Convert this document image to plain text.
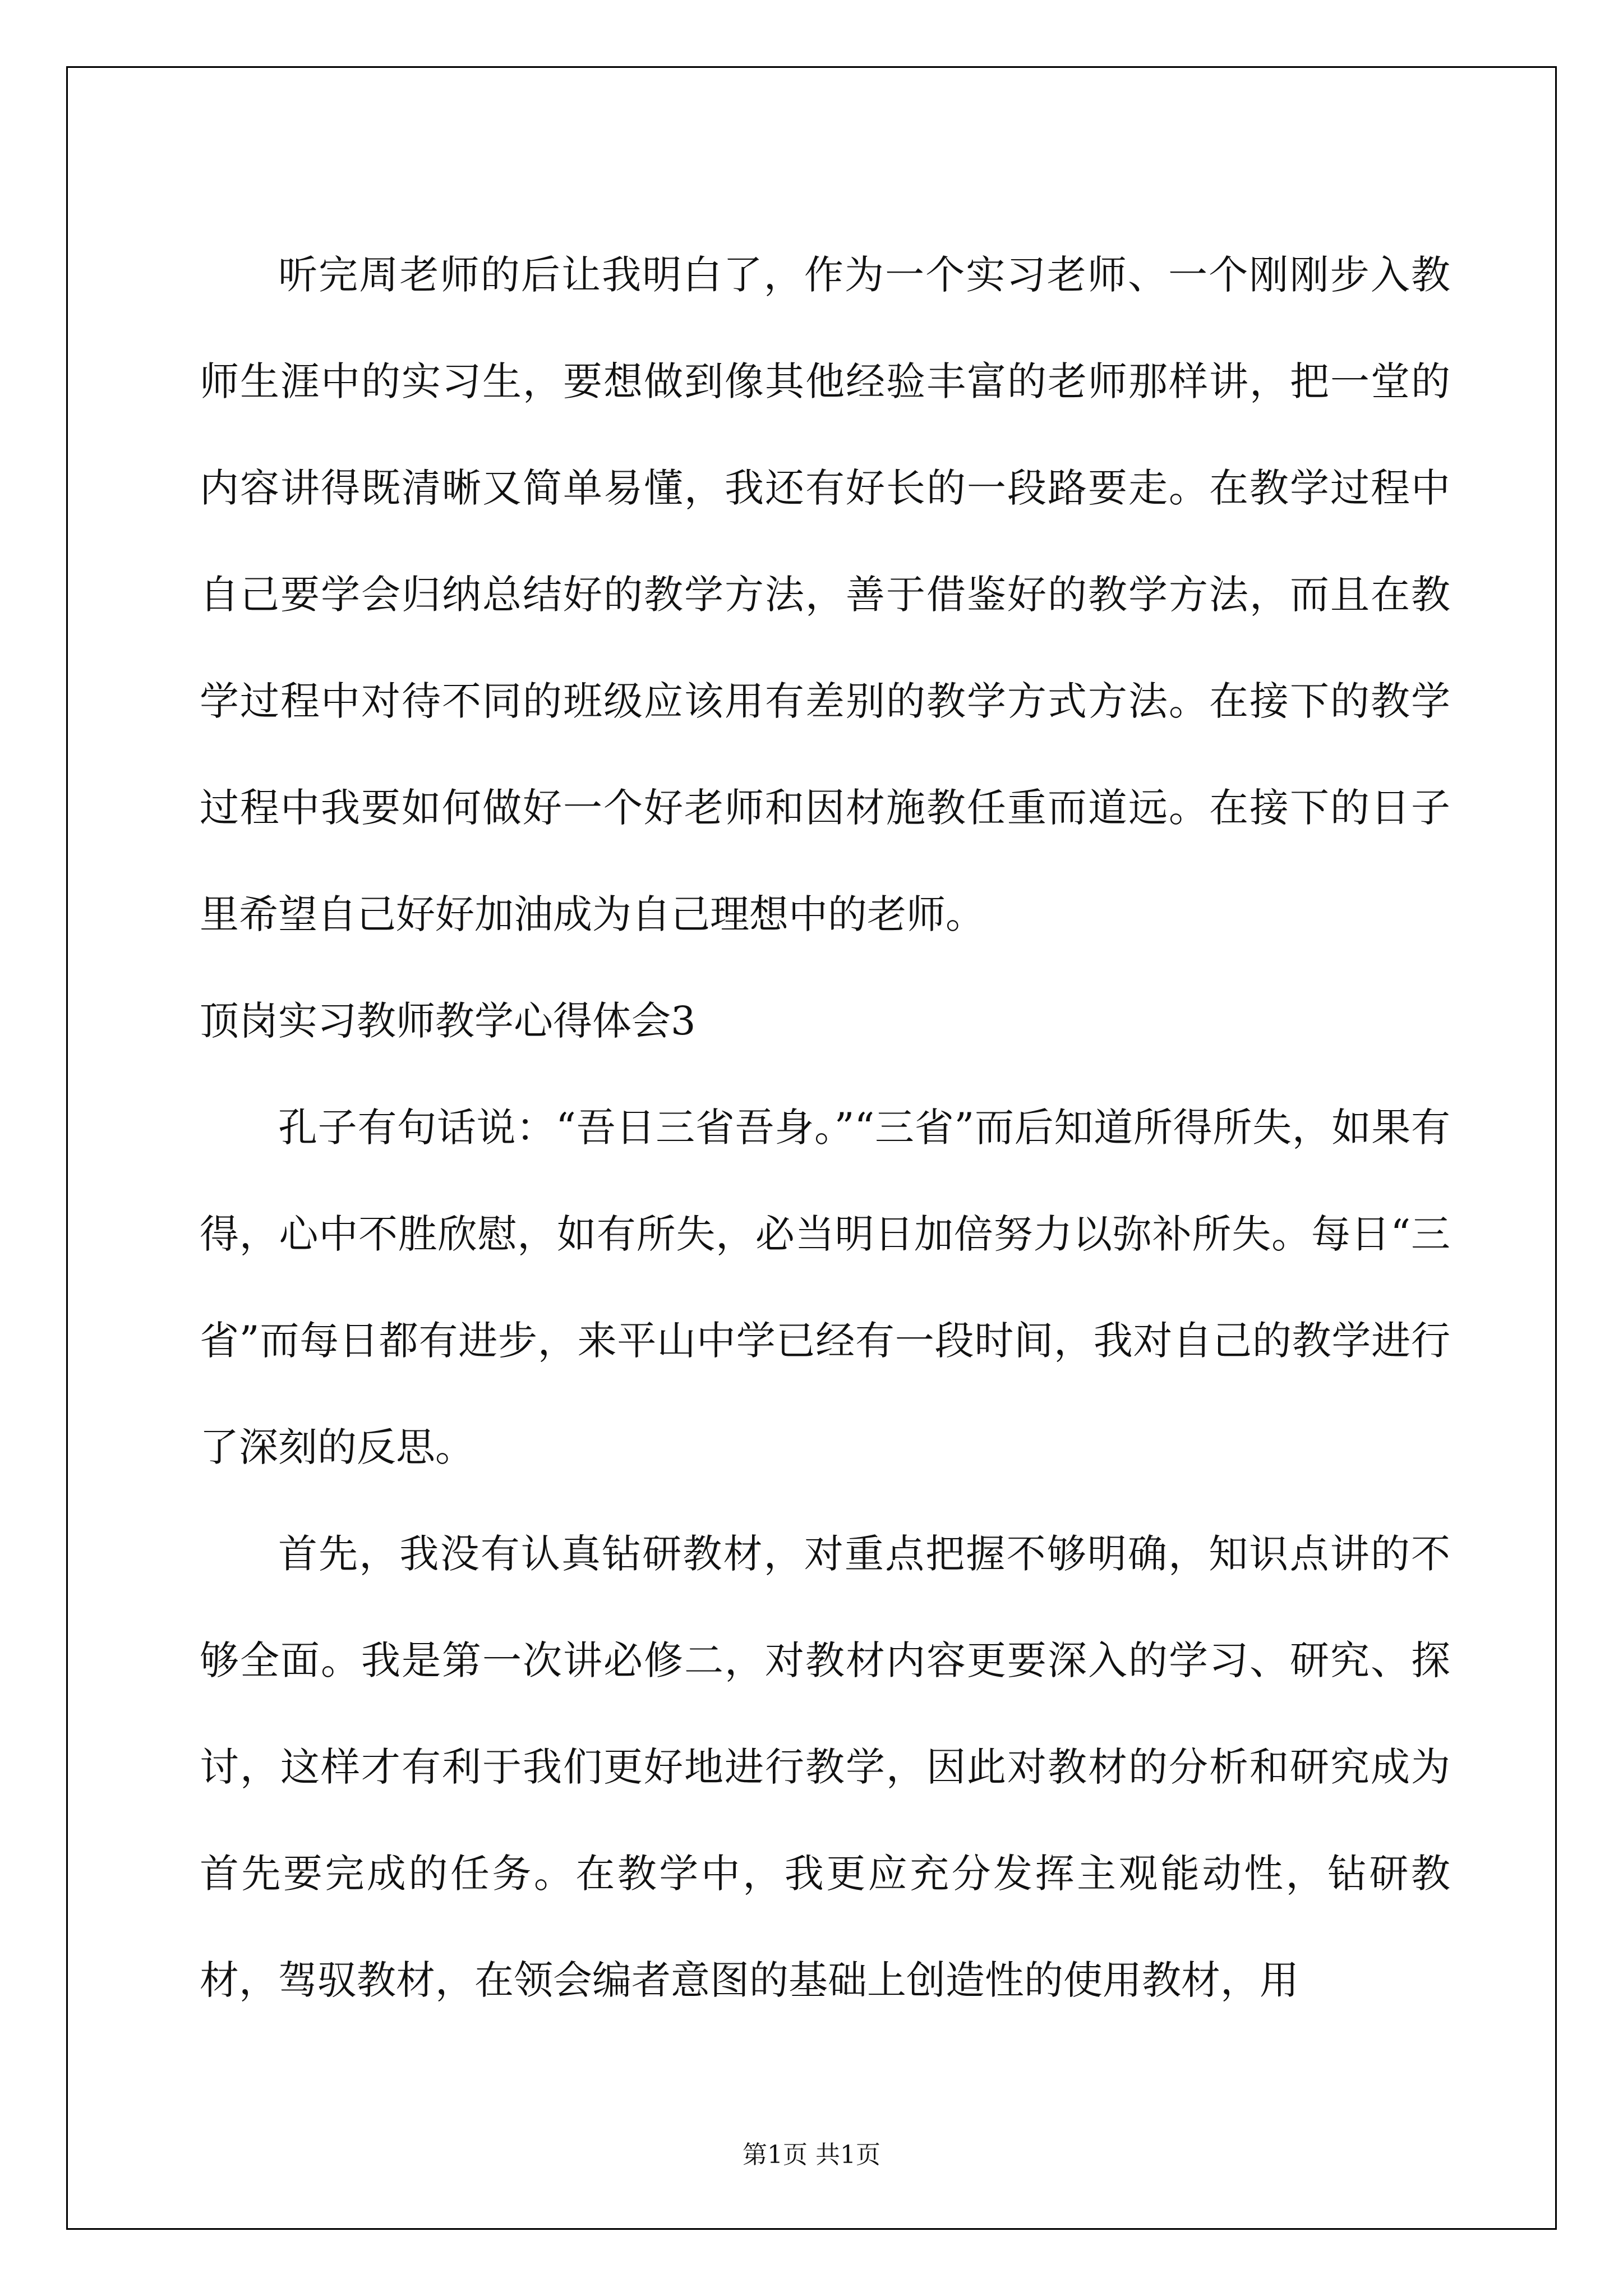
听完周老师的后让我明白了，作为一个实习老师、一个刚刚步入教师生涯中的实习生，要想做到像其他经验丰富的老师那样讲，把一堂的内容讲得既清晰又简单易懂，我还有好长的一段路要走。在教学过程中自己要学会归纳总结好的教学方法，善于借鉴好的教学方法，而且在教学过程中对待不同的班级应该用有差别的教学方式方法。在接下的教学过程中我要如何做好一个好老师和因材施教任重而道远。在接下的日子里希望自己好好加油成为自己理想中的老师。

顶岗实习教师教学心得体会3

孔子有句话说：“吾日三省吾身。”“三省”而后知道所得所失，如果有得，心中不胜欣慰，如有所失，必当明日加倍努力以弥补所失。每日“三省”而每日都有进步，来平山中学已经有一段时间，我对自己的教学进行了深刻的反思。

首先，我没有认真钻研教材，对重点把握不够明确，知识点讲的不够全面。我是第一次讲必修二，对教材内容更要深入的学习、研究、探讨，这样才有利于我们更好地进行教学，因此对教材的分析和研究成为首先要完成的任务。在教学中，我更应充分发挥主观能动性，钻研教材，驾驭教材，在领会编者意图的基础上创造性的使用教材，用

第1页 共1页
